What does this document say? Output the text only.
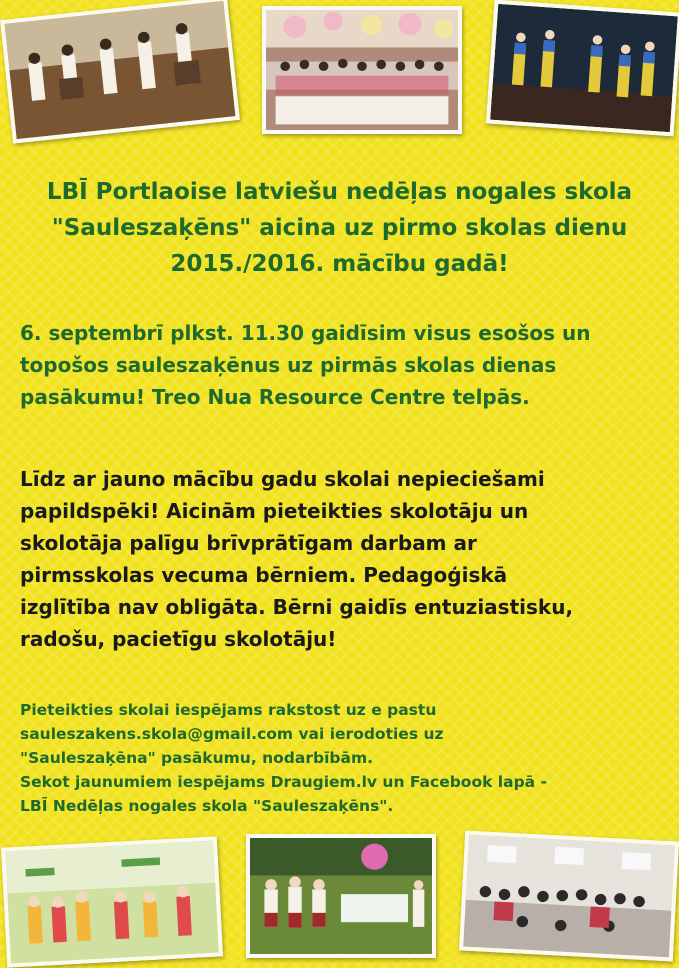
LBĪ Portlaoise latviešu nedēļas nogales skola
"Sauleszaķēns" aicina uz pirmo skolas dienu
2015./2016. mācību gadā!
6. septembrī plkst. 11.30 gaidīsim visus esošos un
topošos sauleszaķēnus uz pirmās skolas dienas
pasākumu! Treo Nua Resource Centre telpās.
Līdz ar jauno mācību gadu skolai nepieciešami
papildspēki! Aicinām pieteikties skolotāju un
skolotāja palīgu brīvprātīgam darbam ar
pirmsskolas vecuma bērniem. Pedagoģiskā
izglītība nav obligāta. Bērni gaidīs entuziastisku,
radošu, pacietīgu skolotāju!
Pieteikties skolai iespējams rakstost uz e pastu
sauleszakens.skola@gmail.com vai ierodoties uz
"Sauleszaķēna" pasākumu, nodarbībām.
Sekot jaunumiem iespējams Draugiem.lv un Facebook lapā -
LBĪ Nedēļas nogales skola "Sauleszaķēns".
